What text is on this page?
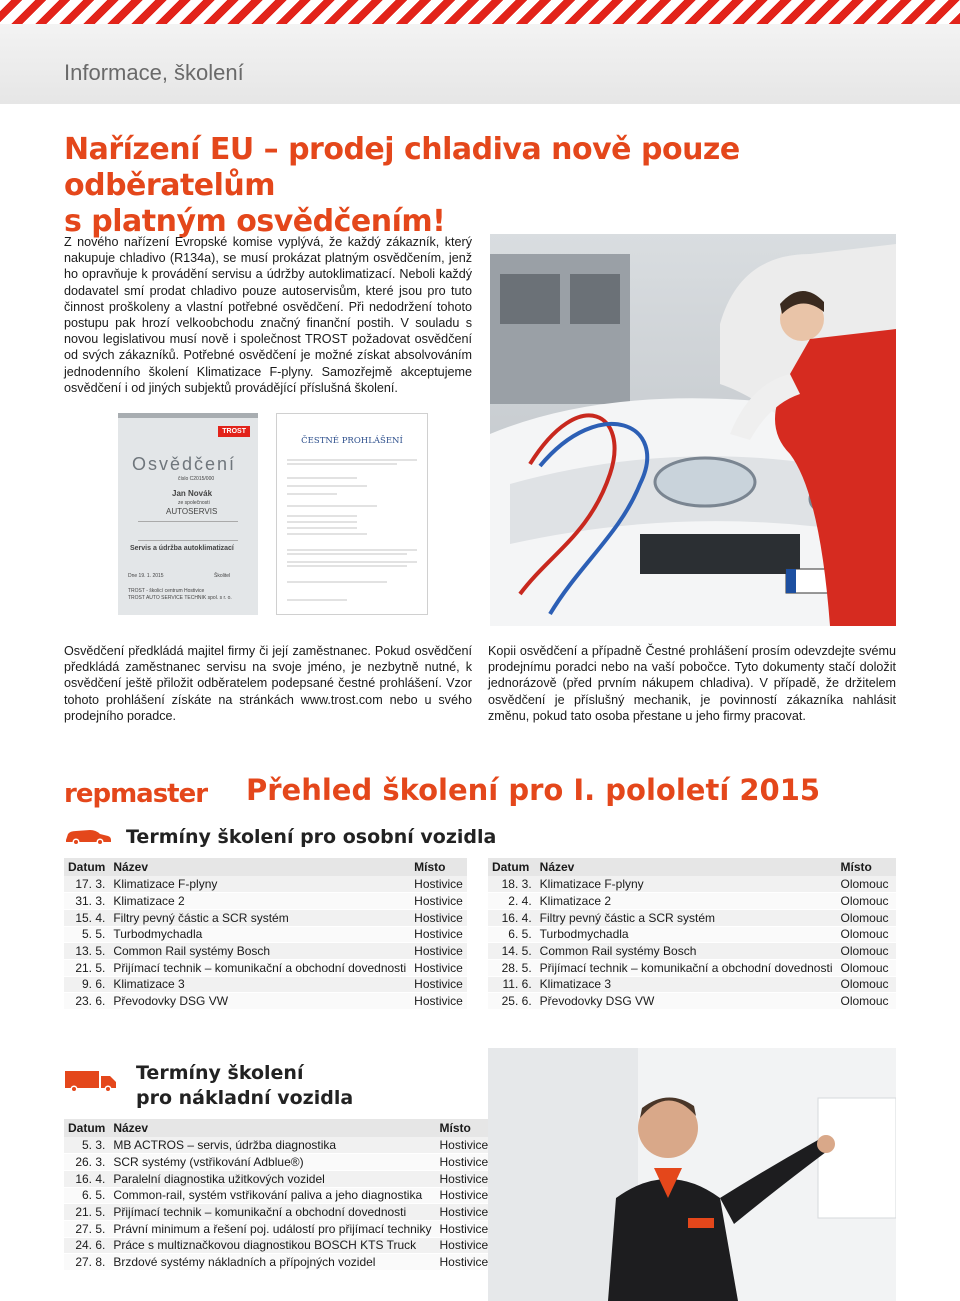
Informace, školení
Nařízení EU – prodej chladiva nově pouze odběratelům
s platným osvědčením!

Z nového nařízení Evropské komise vyplývá, že každý zákazník, který nakupuje chladivo (R134a), se musí prokázat platným osvědčením, jenž ho opravňuje k provádění servisu a údržby autoklimatizací. Neboli každý dodavatel smí prodat chladivo pouze autoservisům, které jsou pro tuto činnost proškoleny a vlastní potřebné osvědčení. Při nedodržení tohoto postupu pak hrozí velkoobchodu značný finanční postih. V souladu s novou legislativou musí nově i společnost TROST požadovat osvědčení od svých zákazníků. Potřebné osvědčení je možné získat absolvováním jednodenního školení Klimatizace F-plyny. Samozřejmě akceptujeme osvědčení i od jiných subjektů provádějící příslušná školení.

TROST
Osvědčení
číslo C2015/000
Jan Novák
ze společnosti
AUTOSERVIS
Servis a údržba autoklimatizací
Dne 19. 1. 2015	Školitel
TROST - školicí centrum Hostivice
TROST AUTO SERVICE TECHNIK spol. s r. o.
ČESTNÉ PROHLÁŠENÍ

Osvědčení předkládá majitel firmy či její zaměstnanec. Pokud osvědčení předkládá zaměstnanec servisu na svoje jméno, je nezbytně nutné, k osvědčení ještě přiložit odběratelem podepsané čestné prohlášení. Vzor tohoto prohlášení získáte na stránkách www.trost.com nebo u svého prodejního poradce.

Kopii osvědčení a případně Čestné prohlášení prosím odevzdejte svému prodejnímu poradci nebo na vaší pobočce. Tyto dokumenty stačí doložit jednorázově (před prvním nákupem chladiva). V případě, že držitelem osvědčení je příslušný mechanik, je povinností zákazníka nahlásit změnu, pokud tato osoba přestane u jeho firmy pracovat.

repmaster Přehled školení pro I. pololetí 2015
Termíny školení pro osobní vozidla
Datum	Název	Místo
17. 3.	Klimatizace F-plyny	Hostivice
31. 3.	Klimatizace 2	Hostivice
15. 4.	Filtry pevný částic a SCR systém	Hostivice
5. 5.	Turbodmychadla	Hostivice
13. 5.	Common Rail systémy Bosch	Hostivice
21. 5.	Přijímací technik – komunikační a obchodní dovednosti	Hostivice
9. 6.	Klimatizace 3	Hostivice
23. 6.	Převodovky DSG VW	Hostivice
Datum	Název	Místo
18. 3.	Klimatizace F-plyny	Olomouc
2. 4.	Klimatizace 2	Olomouc
16. 4.	Filtry pevný částic a SCR systém	Olomouc
6. 5.	Turbodmychadla	Olomouc
14. 5.	Common Rail systémy Bosch	Olomouc
28. 5.	Přijímací technik – komunikační a obchodní dovednosti	Olomouc
11. 6.	Klimatizace 3	Olomouc
25. 6.	Převodovky DSG VW	Olomouc
Termíny školení
pro nákladní vozidla
Datum	Název	Místo
5. 3.	MB ACTROS – servis, údržba diagnostika	Hostivice
26. 3.	SCR systémy (vstřikování Adblue®)	Hostivice
16. 4.	Paralelní diagnostika užitkových vozidel	Hostivice
6. 5.	Common-rail, systém vstřikování paliva a jeho diagnostika	Hostivice
21. 5.	Přijímací technik – komunikační a obchodní dovednosti	Hostivice
27. 5.	Právní minimum a řešení poj. událostí pro přijímací techniky	Hostivice
24. 6.	Práce s multiznačkovou diagnostikou BOSCH KTS Truck	Hostivice
27. 8.	Brzdové systémy nákladních a přípojných vozidel	Hostivice
